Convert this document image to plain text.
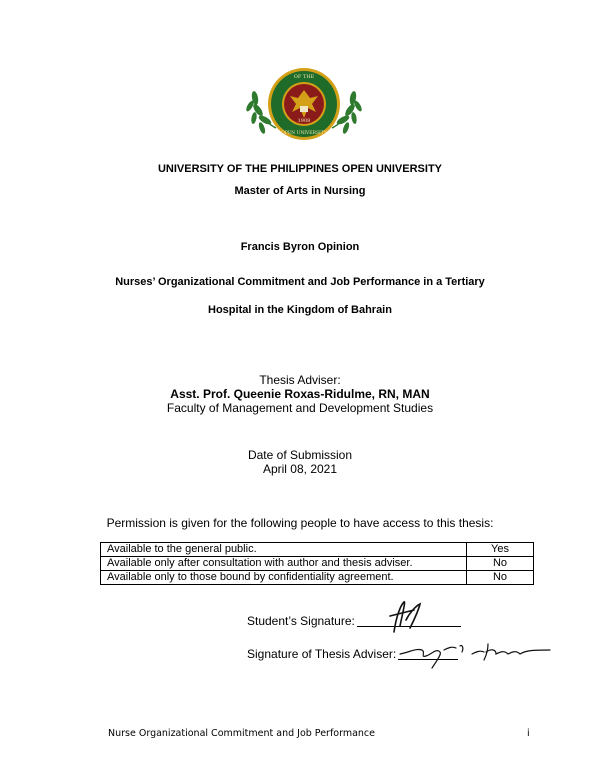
OF THE
1908
OPEN UNIVERSITY
UNIVERSITY OF THE PHILIPPINES OPEN UNIVERSITY
Master of Arts in Nursing
Francis Byron Opinion
Nurses’ Organizational Commitment and Job Performance in a Tertiary
Hospital in the Kingdom of Bahrain
Thesis Adviser:
Asst. Prof. Queenie Roxas-Ridulme, RN, MAN
Faculty of Management and Development Studies
Date of Submission
April 08, 2021
Permission is given for the following people to have access to this thesis:
Available to the general public.	Yes
Available only after consultation with author and thesis adviser.	No
Available only to those bound by confidentiality agreement.	No
Student’s Signature:
Signature of Thesis Adviser:
Nurse Organizational Commitment and Job Performance	i
